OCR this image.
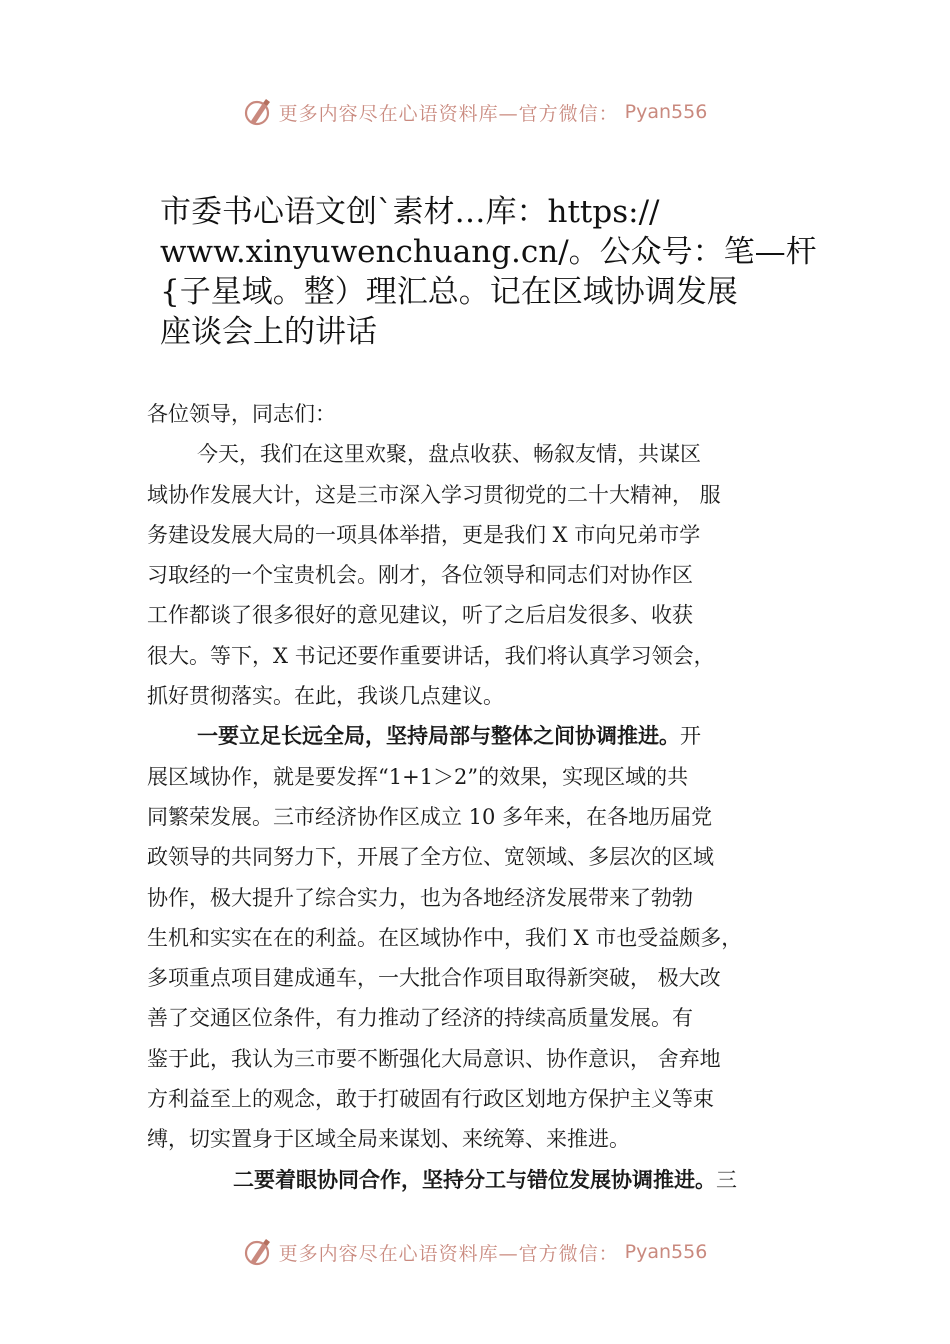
更多内容尽在心语资料库—官方微信： Pyan556
市委书心语文创`素材…库：https://
www.xinyuwenchuang.cn/。公众号：笔—杆
{子星域。整）理汇总。记在区域协调发展
座谈会上的讲话
各位领导，同志们：
今天，我们在这里欢聚，盘点收获、畅叙友情，共谋区
域协作发展大计，这是三市深入学习贯彻党的二十大精神， 服
务建设发展大局的一项具体举措，更是我们 X 市向兄弟市学
习取经的一个宝贵机会。刚才，各位领导和同志们对协作区
工作都谈了很多很好的意见建议，听了之后启发很多、收获
很大。等下，X 书记还要作重要讲话，我们将认真学习领会，
抓好贯彻落实。在此，我谈几点建议。
一要立足长远全局，坚持局部与整体之间协调推进。开
展区域协作，就是要发挥“1+1＞2”的效果，实现区域的共
同繁荣发展。三市经济协作区成立 10 多年来，在各地历届党
政领导的共同努力下，开展了全方位、宽领域、多层次的区域
协作，极大提升了综合实力，也为各地经济发展带来了勃勃
生机和实实在在的利益。在区域协作中，我们 X 市也受益颇多，
多项重点项目建成通车，一大批合作项目取得新突破， 极大改
善了交通区位条件，有力推动了经济的持续高质量发展。有
鉴于此，我认为三市要不断强化大局意识、协作意识， 舍弃地
方利益至上的观念，敢于打破固有行政区划地方保护主义等束
缚，切实置身于区域全局来谋划、来统筹、来推进。
二要着眼协同合作，坚持分工与错位发展协调推进。三
更多内容尽在心语资料库—官方微信： Pyan556
